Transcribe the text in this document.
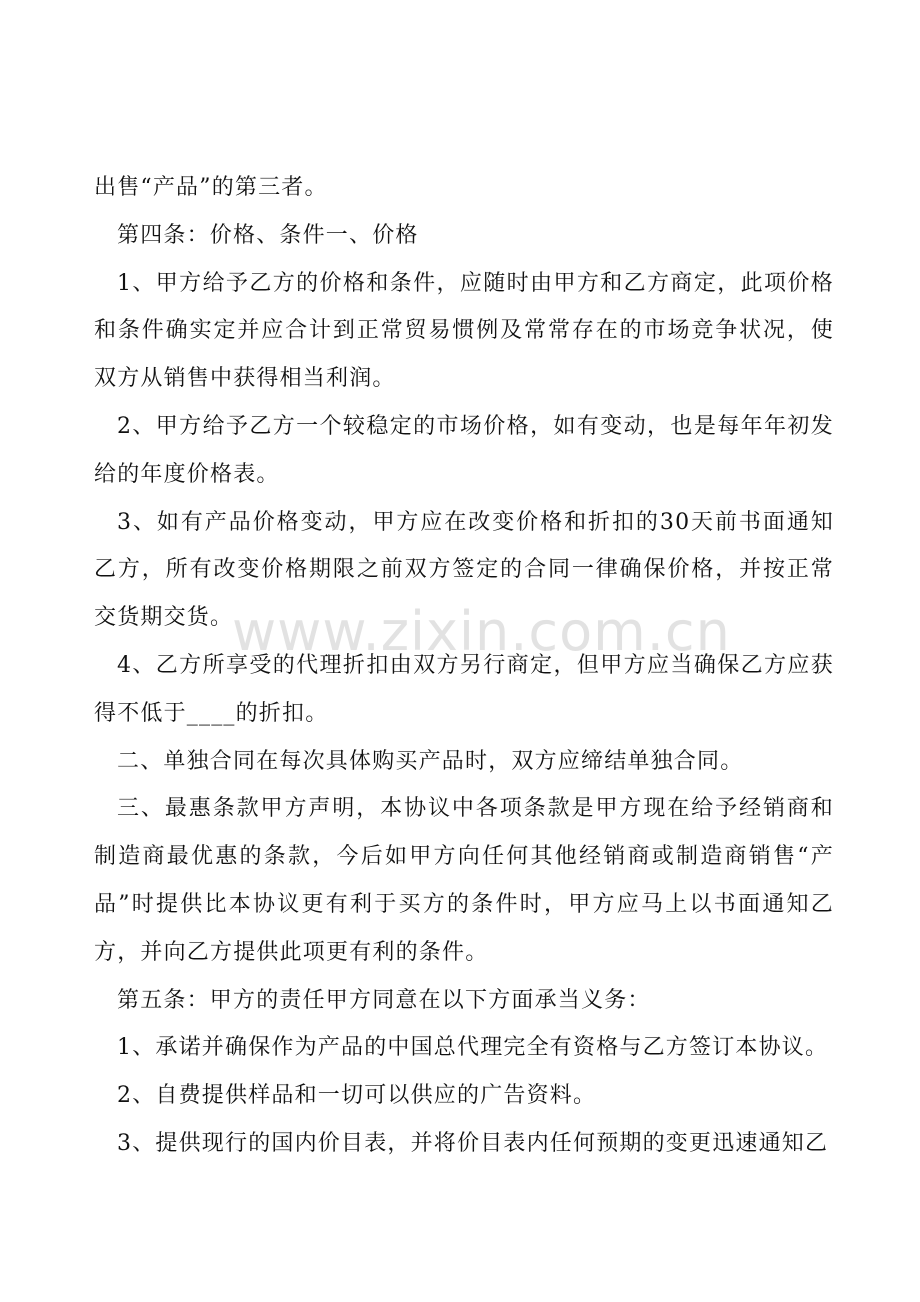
出售“产品”的第三者。

第四条：价格、条件一、价格

1、甲方给予乙方的价格和条件，应随时由甲方和乙方商定，此项价格和条件确实定并应合计到正常贸易惯例及常常存在的市场竞争状况，使双方从销售中获得相当利润。

2、甲方给予乙方一个较稳定的市场价格，如有变动，也是每年年初发给的年度价格表。

3、如有产品价格变动，甲方应在改变价格和折扣的30天前书面通知乙方，所有改变价格期限之前双方签定的合同一律确保价格，并按正常交货期交货。

4、乙方所享受的代理折扣由双方另行商定，但甲方应当确保乙方应获得不低于____的折扣。

二、单独合同在每次具体购买产品时，双方应缔结单独合同。

三、最惠条款甲方声明，本协议中各项条款是甲方现在给予经销商和制造商最优惠的条款，今后如甲方向任何其他经销商或制造商销售“产品”时提供比本协议更有利于买方的条件时，甲方应马上以书面通知乙方，并向乙方提供此项更有利的条件。

第五条：甲方的责任甲方同意在以下方面承当义务：

1、承诺并确保作为产品的中国总代理完全有资格与乙方签订本协议。

2、自费提供样品和一切可以供应的广告资料。

3、提供现行的国内价目表，并将价目表内任何预期的变更迅速通知乙

www.zixin.com.cn
